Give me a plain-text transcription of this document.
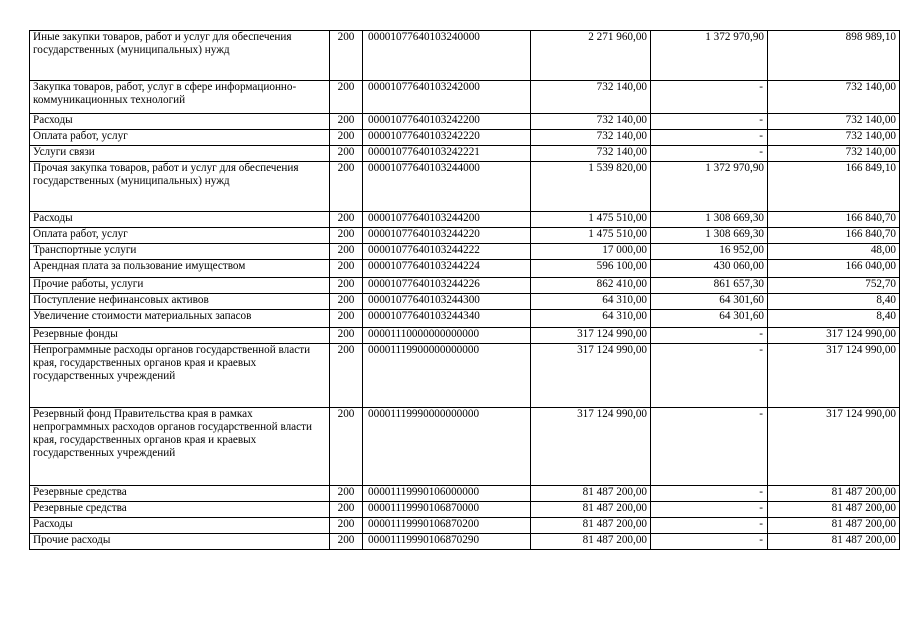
Иные закупки товаров, работ и услуг для обеспечения государственных (муниципальных) нужд	200	00001077640103240000	2 271 960,00	1 372 970,90	898 989,10
Закупка товаров, работ, услуг в сфере информационно-коммуникационных технологий	200	00001077640103242000	732 140,00	-	732 140,00
Расходы	200	00001077640103242200	732 140,00	-	732 140,00
Оплата работ, услуг	200	00001077640103242220	732 140,00	-	732 140,00
Услуги связи	200	00001077640103242221	732 140,00	-	732 140,00
Прочая закупка товаров, работ и услуг для обеспечения государственных (муниципальных) нужд	200	00001077640103244000	1 539 820,00	1 372 970,90	166 849,10
Расходы	200	00001077640103244200	1 475 510,00	1 308 669,30	166 840,70
Оплата работ, услуг	200	00001077640103244220	1 475 510,00	1 308 669,30	166 840,70
Транспортные услуги	200	00001077640103244222	17 000,00	16 952,00	48,00
Арендная плата за пользование имуществом	200	00001077640103244224	596 100,00	430 060,00	166 040,00
Прочие работы, услуги	200	00001077640103244226	862 410,00	861 657,30	752,70
Поступление нефинансовых активов	200	00001077640103244300	64 310,00	64 301,60	8,40
Увеличение стоимости материальных запасов	200	00001077640103244340	64 310,00	64 301,60	8,40
Резервные фонды	200	00001110000000000000	317 124 990,00	-	317 124 990,00
Непрограммные расходы органов государственной власти края, государственных органов края и краевых государственных учреждений	200	00001119900000000000	317 124 990,00	-	317 124 990,00
Резервный фонд Правительства края в рамках непрограммных расходов органов государственной власти края, государственных органов края и краевых государственных учреждений	200	00001119990000000000	317 124 990,00	-	317 124 990,00
Резервные средства	200	00001119990106000000	81 487 200,00	-	81 487 200,00
Резервные средства	200	00001119990106870000	81 487 200,00	-	81 487 200,00
Расходы	200	00001119990106870200	81 487 200,00	-	81 487 200,00
Прочие расходы	200	00001119990106870290	81 487 200,00	-	81 487 200,00
